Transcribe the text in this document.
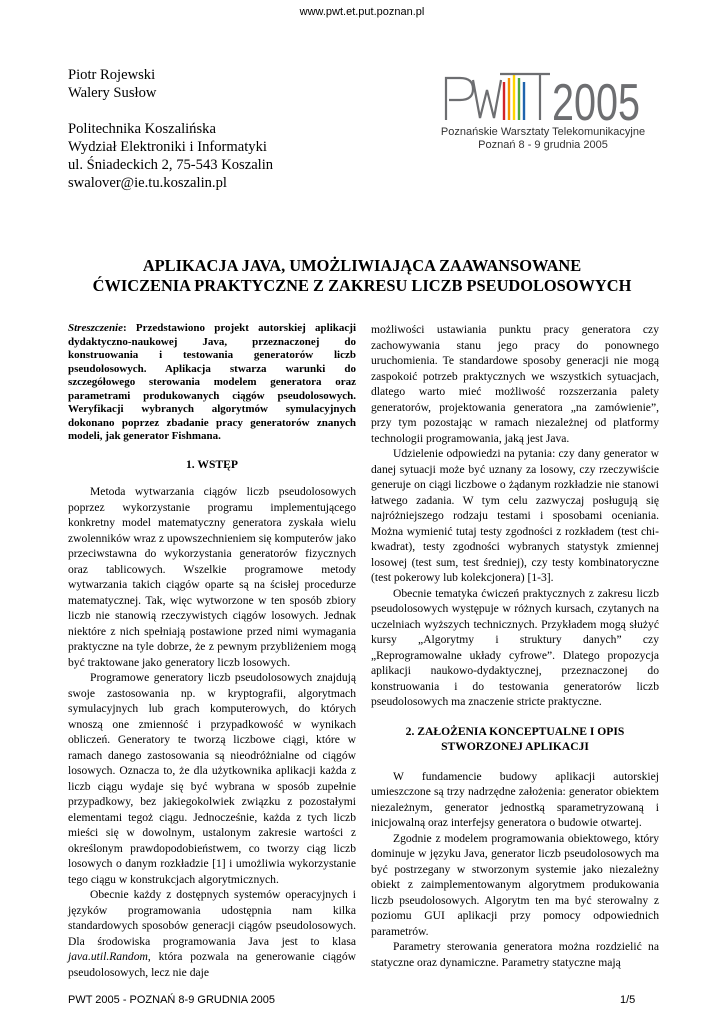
www.pwt.et.put.poznan.pl
Piotr Rojewski
Walery Susłow
Politechnika Koszalińska
Wydział Elektroniki i Informatyki
ul. Śniadeckich 2, 75-543 Koszalin
swalover@ie.tu.koszalin.pl
2005
Poznańskie Warsztaty Telekomunikacyjne
Poznań 8 - 9 grudnia 2005
APLIKACJA JAVA, UMOŻLIWIAJĄCA ZAAWANSOWANE
ĆWICZENIA PRAKTYCZNE Z ZAKRESU LICZB PSEUDOLOSOWYCH

Streszczenie: Przedstawiono projekt autorskiej aplikacji dydaktyczno-naukowej Java, przeznaczonej do konstruowania i testowania generatorów liczb pseudolosowych. Aplikacja stwarza warunki do szczegółowego sterowania modelem generatora oraz parametrami produkowanych ciągów pseudolosowych. Weryfikacji wybranych algorytmów symulacyjnych dokonano poprzez zbadanie pracy generatorów znanych modeli, jak generator Fishmana.

1. WSTĘP

Metoda wytwarzania ciągów liczb pseudolosowych poprzez wykorzystanie programu implementującego konkretny model matematyczny generatora zyskała wielu zwolenników wraz z upowszechnieniem się komputerów jako przeciwstawna do wykorzystania generatorów fizycznych oraz tablicowych. Wszelkie programowe metody wytwarzania takich ciągów oparte są na ścisłej procedurze matematycznej. Tak, więc wytworzone w ten sposób zbiory liczb nie stanowią rzeczywistych ciągów losowych. Jednak niektóre z nich spełniają postawione przed nimi wymagania praktyczne na tyle dobrze, że z pewnym przybliżeniem mogą być traktowane jako generatory liczb losowych.

Programowe generatory liczb pseudolosowych znajdują swoje zastosowania np. w kryptografii, algorytmach symulacyjnych lub grach komputerowych, do których wnoszą one zmienność i przypadkowość w wynikach obliczeń. Generatory te tworzą liczbowe ciągi, które w ramach danego zastosowania są nieodróżnialne od ciągów losowych. Oznacza to, że dla użytkownika aplikacji każda z liczb ciągu wydaje się być wybrana w sposób zupełnie przypadkowy, bez jakiegokolwiek związku z pozostałymi elementami tegoż ciągu. Jednocześnie, każda z tych liczb mieści się w dowolnym, ustalonym zakresie wartości z określonym prawdopodobieństwem, co tworzy ciąg liczb losowych o danym rozkładzie [1] i umożliwia wykorzystanie tego ciągu w konstrukcjach algorytmicznych.

Obecnie każdy z dostępnych systemów operacyjnych i języków programowania udostępnia nam kilka standardowych sposobów generacji ciągów pseudolosowych. Dla środowiska programowania Java jest to klasa java.util.Random, która pozwala na generowanie ciągów pseudolosowych, lecz nie daje

możliwości ustawiania punktu pracy generatora czy zachowywania stanu jego pracy do ponownego uruchomienia. Te standardowe sposoby generacji nie mogą zaspokoić potrzeb praktycznych we wszystkich sytuacjach, dlatego warto mieć możliwość rozszerzania palety generatorów, projektowania generatora „na zamówienie”, przy tym pozostając w ramach niezależnej od platformy technologii programowania, jaką jest Java.

Udzielenie odpowiedzi na pytania: czy dany generator w danej sytuacji może być uznany za losowy, czy rzeczywiście generuje on ciągi liczbowe o żądanym rozkładzie nie stanowi łatwego zadania. W tym celu zazwyczaj posługują się najróżniejszego rodzaju testami i sposobami oceniania. Można wymienić tutaj testy zgodności z rozkładem (test chi-kwadrat), testy zgodności wybranych statystyk zmiennej losowej (test sum, test średniej), czy testy kombinatoryczne (test pokerowy lub kolekcjonera) [1-3].

Obecnie tematyka ćwiczeń praktycznych z zakresu liczb pseudolosowych występuje w różnych kursach, czytanych na uczelniach wyższych technicznych. Przykładem mogą służyć kursy „Algorytmy i struktury danych” czy „Reprogramowalne układy cyfrowe”. Dlatego propozycja aplikacji naukowo-dydaktycznej, przeznaczonej do konstruowania i do testowania generatorów liczb pseudolosowych ma znaczenie stricte praktyczne.

2. ZAŁOŻENIA KONCEPTUALNE I OPIS
STWORZONEJ APLIKACJI

W fundamencie budowy aplikacji autorskiej umieszczone są trzy nadrzędne założenia: generator obiektem niezależnym, generator jednostką sparametryzowaną i inicjowalną oraz interfejsy generatora o budowie otwartej.

Zgodnie z modelem programowania obiektowego, który dominuje w języku Java, generator liczb pseudolosowych ma być postrzegany w stworzonym systemie jako niezależny obiekt z zaimplementowanym algorytmem produkowania liczb pseudolosowych. Algorytm ten ma być sterowalny z poziomu GUI aplikacji przy pomocy odpowiednich parametrów.

Parametry sterowania generatora można rozdzielić na statyczne oraz dynamiczne. Parametry statyczne mają

PWT 2005 - POZNAŃ 8-9 GRUDNIA 2005	1/5
